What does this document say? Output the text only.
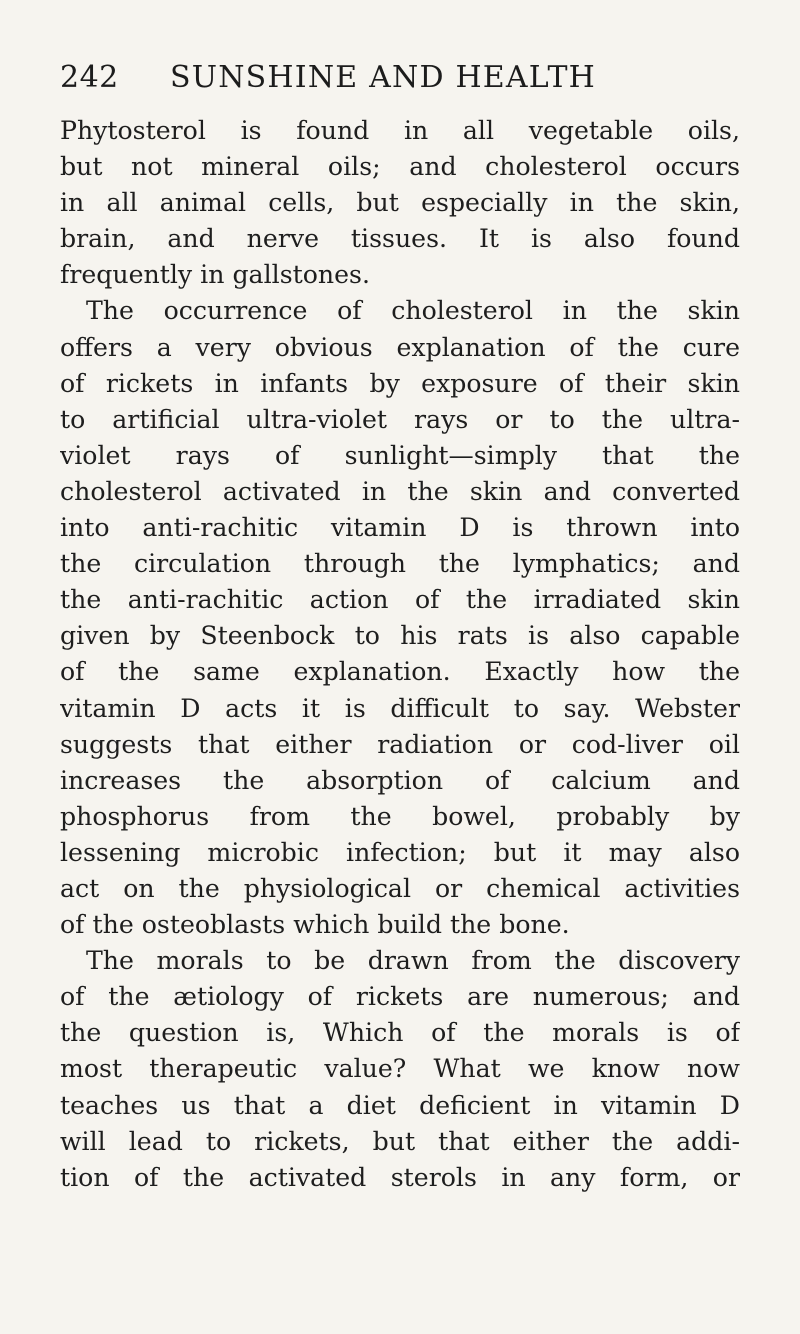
242 SUNSHINE AND HEALTH
Phytosterol is found in all vegetable oils,
but not mineral oils; and cholesterol occurs
in all animal cells, but especially in the skin,
brain, and nerve tissues. It is also found
frequently in gallstones.
The occurrence of cholesterol in the skin
offers a very obvious explanation of the cure
of rickets in infants by exposure of their skin
to artificial ultra-violet rays or to the ultra-
violet rays of sunlight—simply that the
cholesterol activated in the skin and converted
into anti-rachitic vitamin D is thrown into
the circulation through the lymphatics; and
the anti-rachitic action of the irradiated skin
given by Steenbock to his rats is also capable
of the same explanation. Exactly how the
vitamin D acts it is difficult to say. Webster
suggests that either radiation or cod-liver oil
increases the absorption of calcium and
phosphorus from the bowel, probably by
lessening microbic infection; but it may also
act on the physiological or chemical activities
of the osteoblasts which build the bone.
The morals to be drawn from the discovery
of the ætiology of rickets are numerous; and
the question is, Which of the morals is of
most therapeutic value? What we know now
teaches us that a diet deficient in vitamin D
will lead to rickets, but that either the addi-
tion of the activated sterols in any form, or
